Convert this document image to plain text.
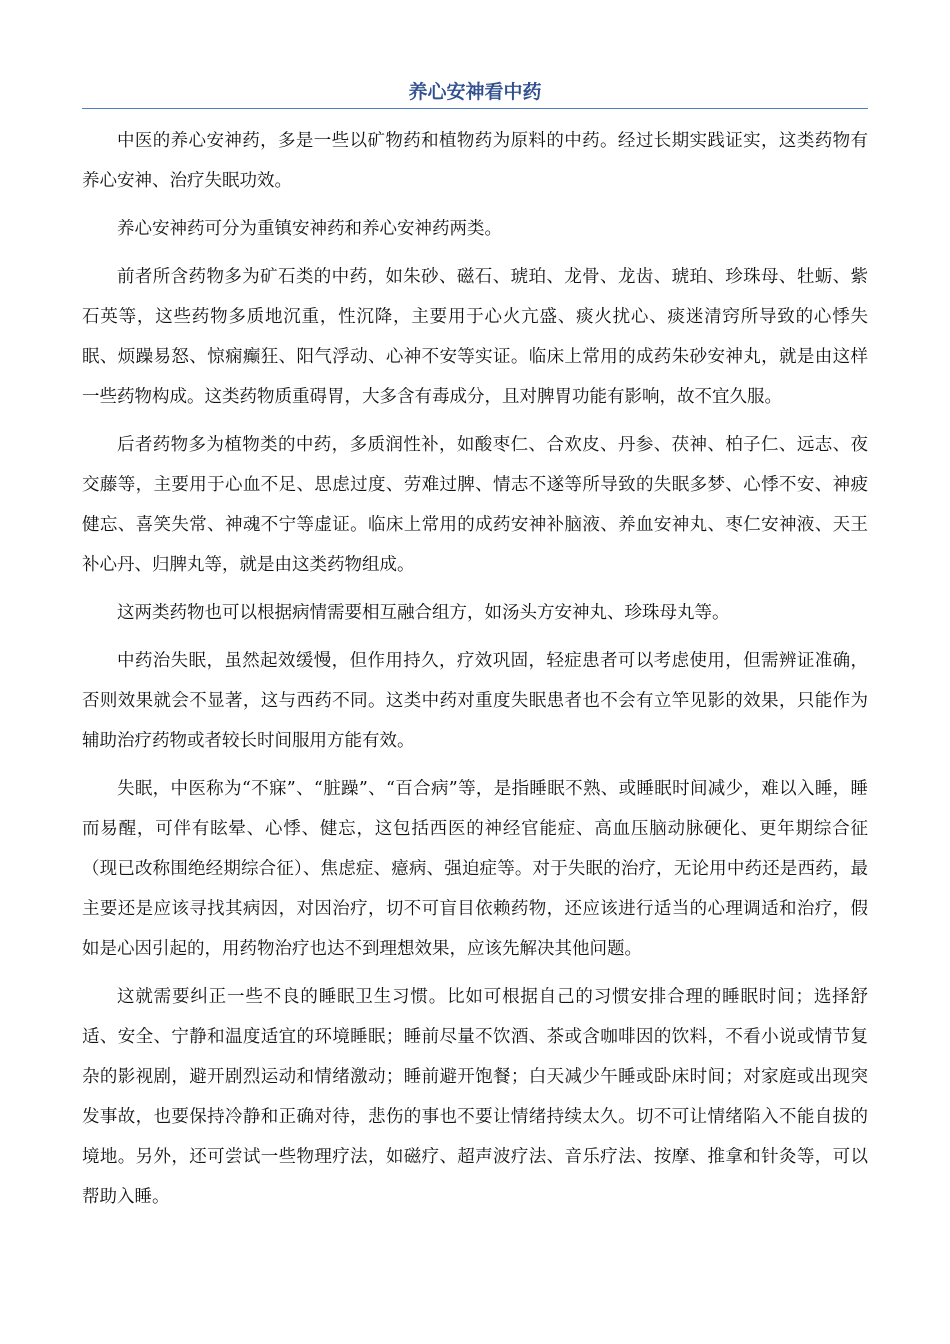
养心安神看中药

中医的养心安神药，多是一些以矿物药和植物药为原料的中药。经过长期实践证实，这类药物有养心安神、治疗失眠功效。

养心安神药可分为重镇安神药和养心安神药两类。

前者所含药物多为矿石类的中药，如朱砂、磁石、琥珀、龙骨、龙齿、琥珀、珍珠母、牡蛎、紫石英等，这些药物多质地沉重，性沉降，主要用于心火亢盛、痰火扰心、痰迷清窍所导致的心悸失眠、烦躁易怒、惊痫癫狂、阳气浮动、心神不安等实证。临床上常用的成药朱砂安神丸，就是由这样一些药物构成。这类药物质重碍胃，大多含有毒成分，且对脾胃功能有影响，故不宜久服。

后者药物多为植物类的中药，多质润性补，如酸枣仁、合欢皮、丹参、茯神、柏子仁、远志、夜交藤等，主要用于心血不足、思虑过度、劳难过脾、情志不遂等所导致的失眠多梦、心悸不安、神疲健忘、喜笑失常、神魂不宁等虚证。临床上常用的成药安神补脑液、养血安神丸、枣仁安神液、天王补心丹、归脾丸等，就是由这类药物组成。

这两类药物也可以根据病情需要相互融合组方，如汤头方安神丸、珍珠母丸等。

中药治失眠，虽然起效缓慢，但作用持久，疗效巩固，轻症患者可以考虑使用，但需辨证准确，否则效果就会不显著，这与西药不同。这类中药对重度失眠患者也不会有立竿见影的效果，只能作为辅助治疗药物或者较长时间服用方能有效。

失眠，中医称为“不寐”、“脏躁”、“百合病”等，是指睡眠不熟、或睡眠时间减少，难以入睡，睡而易醒，可伴有眩晕、心悸、健忘，这包括西医的神经官能症、高血压脑动脉硬化、更年期综合征（现已改称围绝经期综合征）、焦虑症、癔病、强迫症等。对于失眠的治疗，无论用中药还是西药，最主要还是应该寻找其病因，对因治疗，切不可盲目依赖药物，还应该进行适当的心理调适和治疗，假如是心因引起的，用药物治疗也达不到理想效果，应该先解决其他问题。

这就需要纠正一些不良的睡眠卫生习惯。比如可根据自己的习惯安排合理的睡眠时间；选择舒适、安全、宁静和温度适宜的环境睡眠；睡前尽量不饮酒、茶或含咖啡因的饮料，不看小说或情节复杂的影视剧，避开剧烈运动和情绪激动；睡前避开饱餐；白天减少午睡或卧床时间；对家庭或出现突发事故，也要保持冷静和正确对待，悲伤的事也不要让情绪持续太久。切不可让情绪陷入不能自拔的境地。另外，还可尝试一些物理疗法，如磁疗、超声波疗法、音乐疗法、按摩、推拿和针灸等，可以帮助入睡。
